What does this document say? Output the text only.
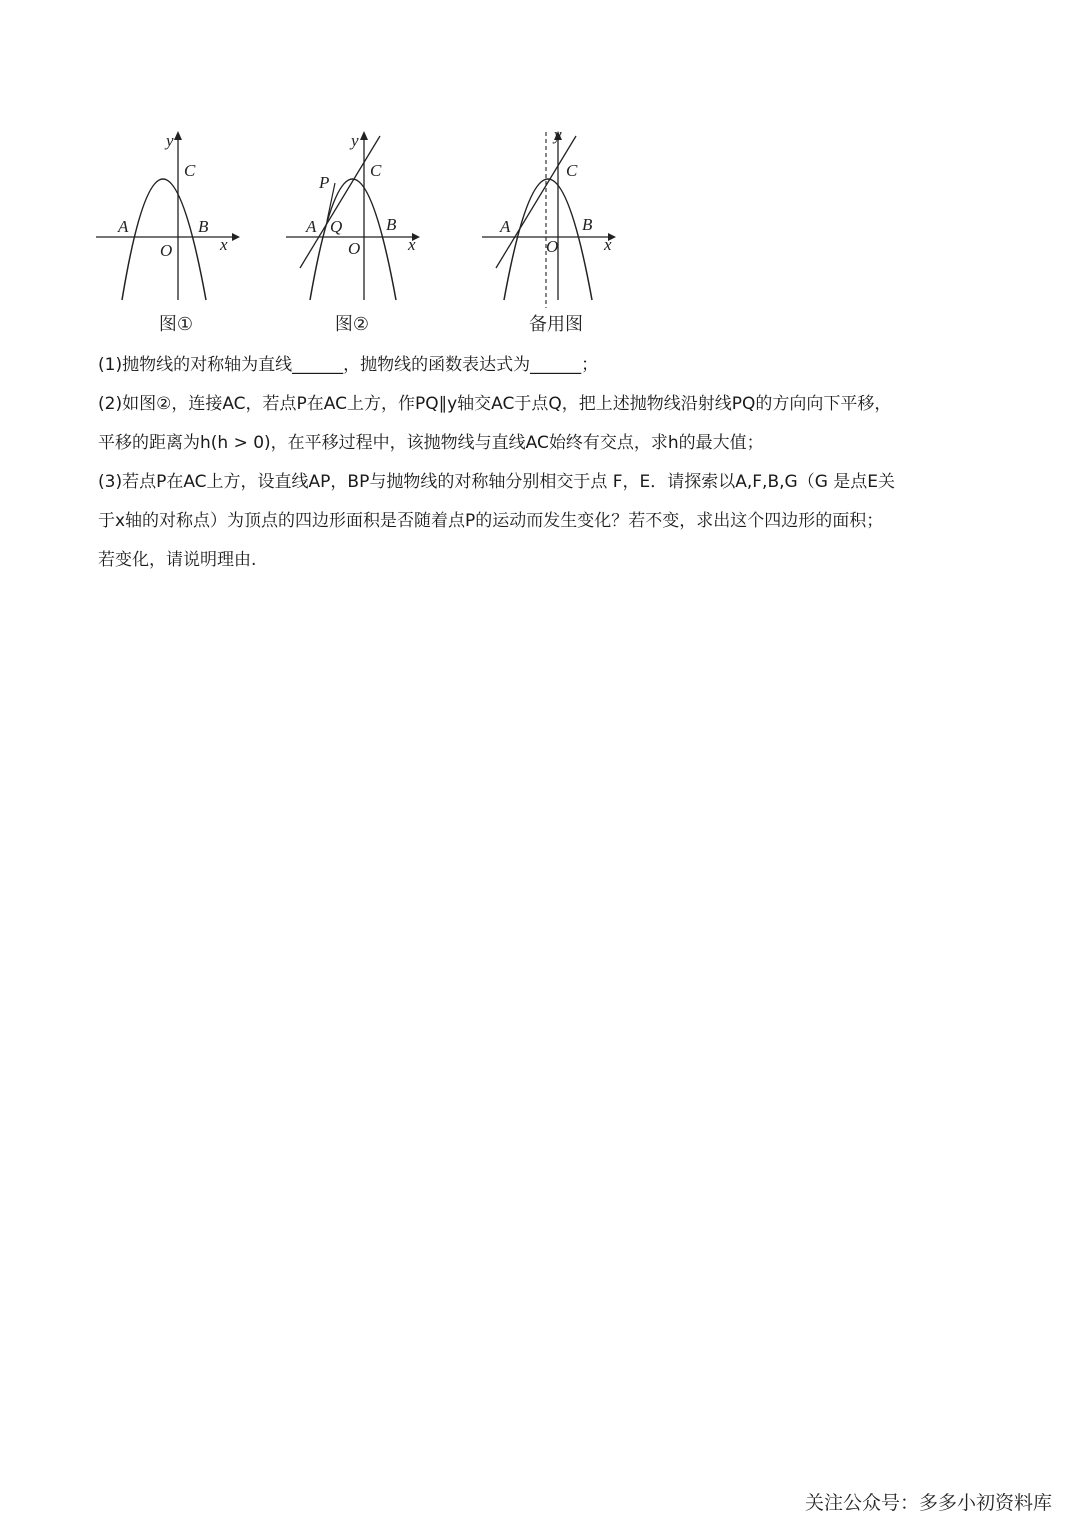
y
x
A	B
C
O
图①
y
x
A	B
C
O
P
Q
图②
y
x
A	B
C
O
备用图

(1)抛物线的对称轴为直线______，抛物线的函数表达式为______；

(2)如图②，连接AC，若点P在AC上方，作PQ∥y轴交AC于点Q，把上述抛物线沿射线PQ的方向向下平移，

平移的距离为h(h > 0)，在平移过程中，该抛物线与直线AC始终有交点，求h的最大值；

(3)若点P在AC上方，设直线AP，BP与抛物线的对称轴分别相交于点 F，E．请探索以A,F,B,G（G 是点E关

于x轴的对称点）为顶点的四边形面积是否随着点P的运动而发生变化？若不变，求出这个四边形的面积；

若变化，请说明理由.

关注公众号：多多小初资料库
